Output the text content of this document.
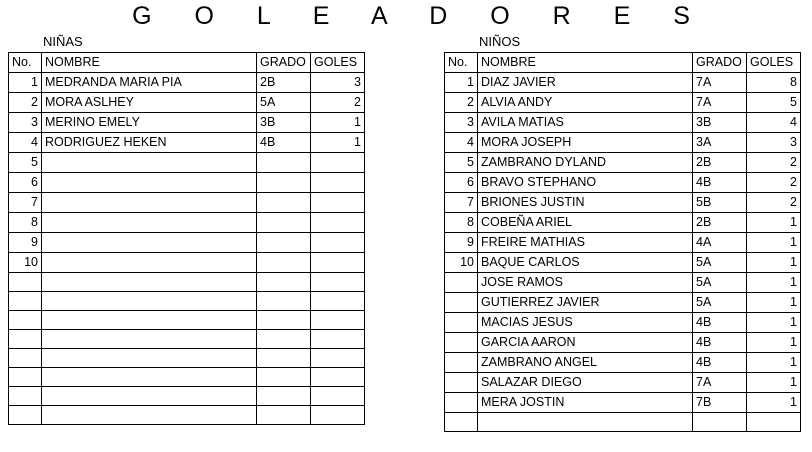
G O L E A D O R E S
NIÑAS
No.	NOMBRE	GRADO	GOLES
1	MEDRANDA MARIA PIA	2B	3
2	MORA ASLHEY	5A	2
3	MERINO EMELY	3B	1
4	RODRIGUEZ HEKEN	4B	1
5			
6			
7			
8			
9			
10			

NIÑOS
No.	NOMBRE	GRADO	GOLES
1	DIAZ JAVIER	7A	8
2	ALVIA ANDY	7A	5
3	AVILA MATIAS	3B	4
4	MORA JOSEPH	3A	3
5	ZAMBRANO DYLAND	2B	2
6	BRAVO STEPHANO	4B	2
7	BRIONES JUSTIN	5B	2
8	COBEÑA ARIEL	2B	1
9	FREIRE MATHIAS	4A	1
10	BAQUE CARLOS	5A	1
	JOSE RAMOS	5A	1
	GUTIERREZ JAVIER	5A	1
	MACIAS JESUS	4B	1
	GARCIA AARON	4B	1
	ZAMBRANO ANGEL	4B	1
	SALAZAR DIEGO	7A	1
	MERA JOSTIN	7B	1
